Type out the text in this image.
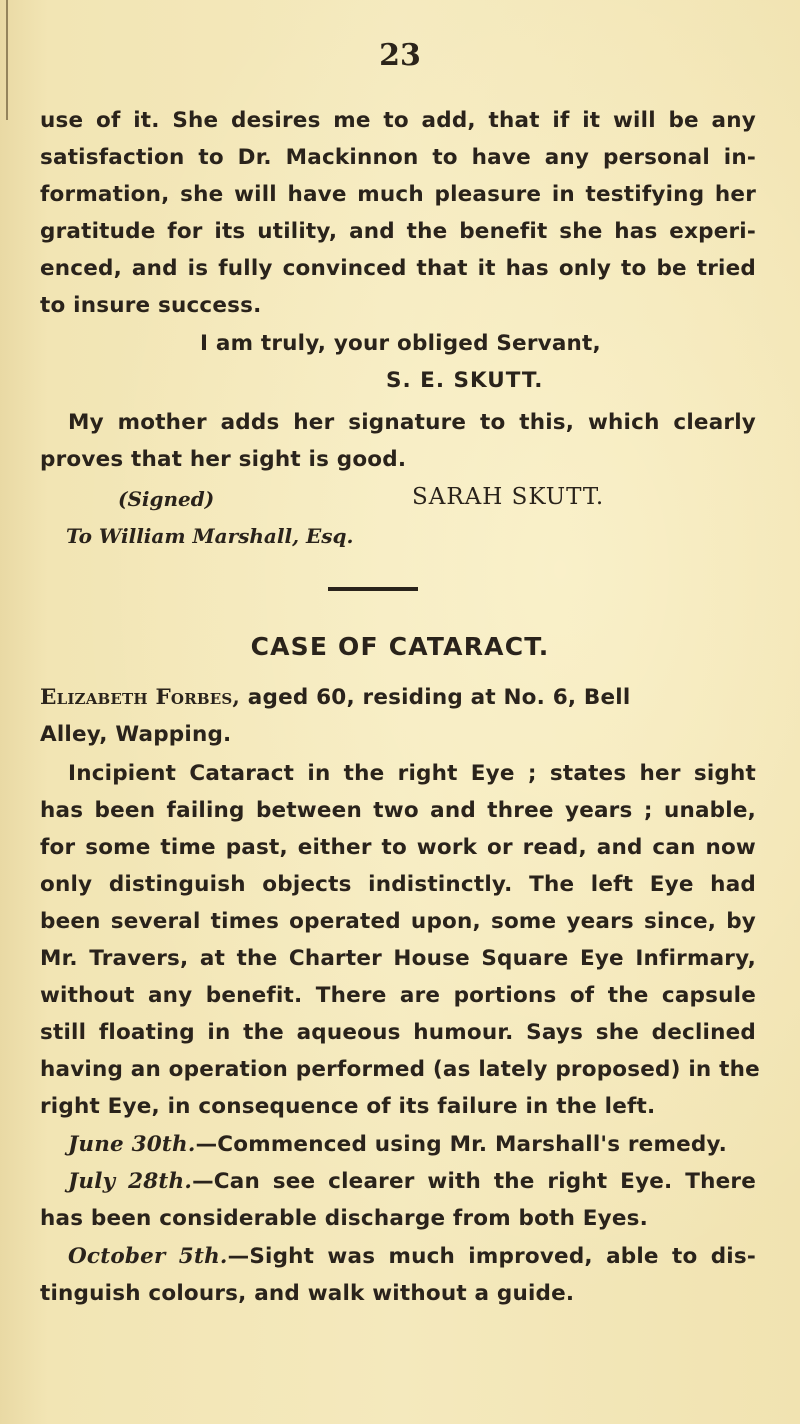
23
use of it. She desires me to add, that if it will be any
satisfaction to Dr. Mackinnon to have any personal in-
formation, she will have much pleasure in testifying her
gratitude for its utility, and the benefit she has experi-
enced, and is fully convinced that it has only to be tried
to insure success.
I am truly, your obliged Servant,
S. E. SKUTT.
My mother adds her signature to this, which clearly
proves that her sight is good.
(Signed)	SARAH SKUTT.
To William Marshall, Esq.
CASE OF CATARACT.
Elizabeth Forbes, aged 60, residing at No. 6, Bell
Alley, Wapping.
Incipient Cataract in the right Eye ; states her sight
has been failing between two and three years ; unable,
for some time past, either to work or read, and can now
only distinguish objects indistinctly. The left Eye had
been several times operated upon, some years since, by
Mr. Travers, at the Charter House Square Eye Infirmary,
without any benefit. There are portions of the capsule
still floating in the aqueous humour. Says she declined
having an operation performed (as lately proposed) in the
right Eye, in consequence of its failure in the left.
June 30th.—Commenced using Mr. Marshall's remedy.
July 28th.—Can see clearer with the right Eye. There
has been considerable discharge from both Eyes.
October 5th.—Sight was much improved, able to dis-
tinguish colours, and walk without a guide.
